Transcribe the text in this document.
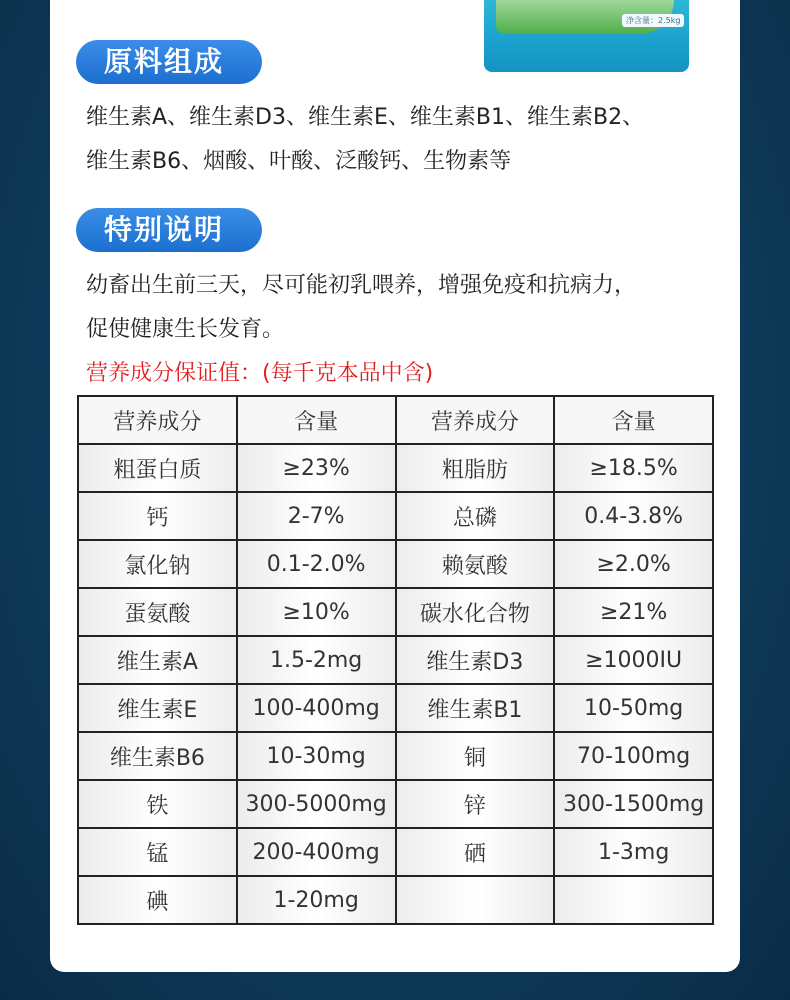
净含量：2.5kg
原料组成
维生素A、维生素D3、维生素E、维生素B1、维生素B2、
维生素B6、烟酸、叶酸、泛酸钙、生物素等
特别说明
幼畜出生前三天，尽可能初乳喂养，增强免疫和抗病力，
促使健康生长发育。
营养成分保证值：(每千克本品中含)
营养成分	含量	营养成分	含量
粗蛋白质	≥23%	粗脂肪	≥18.5%
钙	2-7%	总磷	0.4-3.8%
氯化钠	0.1-2.0%	赖氨酸	≥2.0%
蛋氨酸	≥10%	碳水化合物	≥21%
维生素A	1.5-2mg	维生素D3	≥1000IU
维生素E	100-400mg	维生素B1	10-50mg
维生素B6	10-30mg	铜	70-100mg
铁	300-5000mg	锌	300-1500mg
锰	200-400mg	硒	1-3mg
碘	1-20mg		
